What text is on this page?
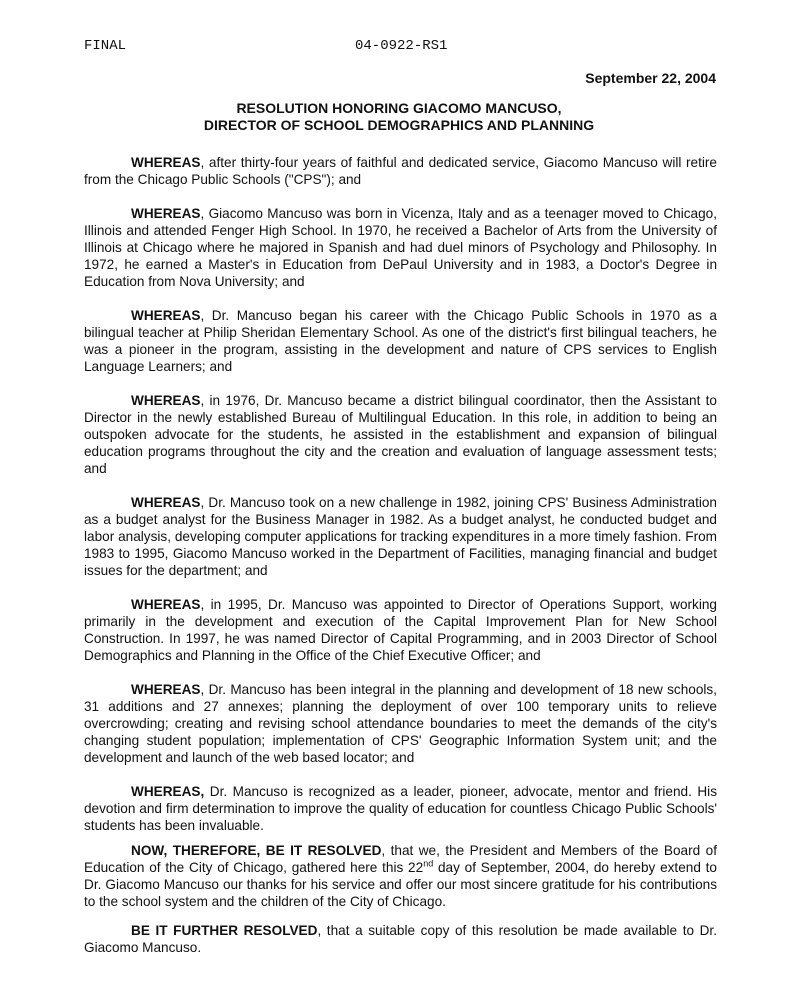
FINAL	04-0922-RS1
September 22, 2004
RESOLUTION HONORING GIACOMO MANCUSO,
DIRECTOR OF SCHOOL DEMOGRAPHICS AND PLANNING

WHEREAS, after thirty-four years of faithful and dedicated service, Giacomo Mancuso will retire from the Chicago Public Schools ("CPS"); and

WHEREAS, Giacomo Mancuso was born in Vicenza, Italy and as a teenager moved to Chicago, Illinois and attended Fenger High School. In 1970, he received a Bachelor of Arts from the University of Illinois at Chicago where he majored in Spanish and had duel minors of Psychology and Philosophy. In 1972, he earned a Master's in Education from DePaul University and in 1983, a Doctor's Degree in Education from Nova University; and

WHEREAS, Dr. Mancuso began his career with the Chicago Public Schools in 1970 as a bilingual teacher at Philip Sheridan Elementary School. As one of the district's first bilingual teachers, he was a pioneer in the program, assisting in the development and nature of CPS services to English Language Learners; and

WHEREAS, in 1976, Dr. Mancuso became a district bilingual coordinator, then the Assistant to Director in the newly established Bureau of Multilingual Education. In this role, in addition to being an outspoken advocate for the students, he assisted in the establishment and expansion of bilingual education programs throughout the city and the creation and evaluation of language assessment tests; and

WHEREAS, Dr. Mancuso took on a new challenge in 1982, joining CPS' Business Administration as a budget analyst for the Business Manager in 1982. As a budget analyst, he conducted budget and labor analysis, developing computer applications for tracking expenditures in a more timely fashion. From 1983 to 1995, Giacomo Mancuso worked in the Department of Facilities, managing financial and budget issues for the department; and

WHEREAS, in 1995, Dr. Mancuso was appointed to Director of Operations Support, working primarily in the development and execution of the Capital Improvement Plan for New School Construction. In 1997, he was named Director of Capital Programming, and in 2003 Director of School Demographics and Planning in the Office of the Chief Executive Officer; and

WHEREAS, Dr. Mancuso has been integral in the planning and development of 18 new schools, 31 additions and 27 annexes; planning the deployment of over 100 temporary units to relieve overcrowding; creating and revising school attendance boundaries to meet the demands of the city's changing student population; implementation of CPS' Geographic Information System unit; and the development and launch of the web based locator; and

WHEREAS, Dr. Mancuso is recognized as a leader, pioneer, advocate, mentor and friend. His devotion and firm determination to improve the quality of education for countless Chicago Public Schools' students has been invaluable.

NOW, THEREFORE, BE IT RESOLVED, that we, the President and Members of the Board of Education of the City of Chicago, gathered here this 22nd day of September, 2004, do hereby extend to Dr. Giacomo Mancuso our thanks for his service and offer our most sincere gratitude for his contributions to the school system and the children of the City of Chicago.

BE IT FURTHER RESOLVED, that a suitable copy of this resolution be made available to Dr. Giacomo Mancuso.
